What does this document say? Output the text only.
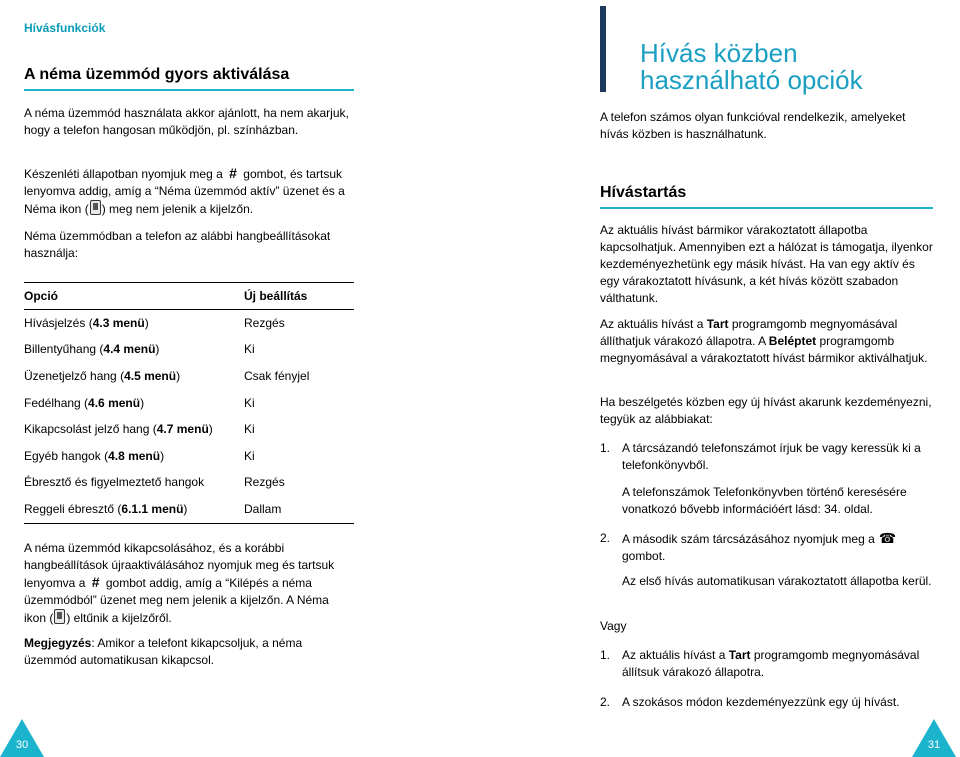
Hívásfunkciók
A néma üzemmód gyors aktiválása

A néma üzemmód használata akkor ajánlott, ha nem akarjuk, hogy a telefon hangosan működjön, pl. színházban.

Készenléti állapotban nyomjuk meg a # gombot, és tartsuk lenyomva addig, amíg a “Néma üzemmód aktív” üzenet és a Néma ikon ( ) meg nem jelenik a kijelzőn.

Néma üzemmódban a telefon az alábbi hangbeállításokat használja:

Opció	Új beállítás
Hívásjelzés (4.3 menü)	Rezgés
Billentyűhang (4.4 menü)	Ki
Üzenetjelző hang (4.5 menü)	Csak fényjel
Fedélhang (4.6 menü)	Ki
Kikapcsolást jelző hang (4.7 menü)	Ki
Egyéb hangok (4.8 menü)	Ki
Ébresztő és figyelmeztető hangok	Rezgés
Reggeli ébresztő (6.1.1 menü)	Dallam

A néma üzemmód kikapcsolásához, és a korábbi hangbeállítások újraaktiválásához nyomjuk meg és tartsuk lenyomva a # gombot addig, amíg a “Kilépés a néma üzemmódból” üzenet meg nem jelenik a kijelzőn. A Néma ikon ( ) eltűnik a kijelzőről.

Megjegyzés: Amikor a telefont kikapcsoljuk, a néma üzemmód automatikusan kikapcsol.

30
Hívás közben
használható opciók

A telefon számos olyan funkcióval rendelkezik, amelyeket hívás közben is használhatunk.

Hívástartás

Az aktuális hívást bármikor várakoztatott állapotba kapcsolhatjuk. Amennyiben ezt a hálózat is támogatja, ilyenkor kezdeményezhetünk egy másik hívást. Ha van egy aktív és egy várakoztatott hívásunk, a két hívás között szabadon válthatunk.

Az aktuális hívást a Tart programgomb megnyomásával állíthatjuk várakozó állapotra. A Beléptet programgomb megnyomásával a várakoztatott hívást bármikor aktiválhatjuk.

Ha beszélgetés közben egy új hívást akarunk kezdeményezni, tegyük az alábbiakat:

1. A tárcsázandó telefonszámot írjuk be vagy keressük ki a telefonkönyvből.

A telefonszámok Telefonkönyvben történő keresésére vonatkozó bővebb információért lásd: 34. oldal.

2. A második szám tárcsázásához nyomjuk meg a ☎
gombot.

Az első hívás automatikusan várakoztatott állapotba kerül.

Vagy

1. Az aktuális hívást a Tart programgomb megnyomásával állítsuk várakozó állapotra.
2. A szokásos módon kezdeményezzünk egy új hívást.
31
